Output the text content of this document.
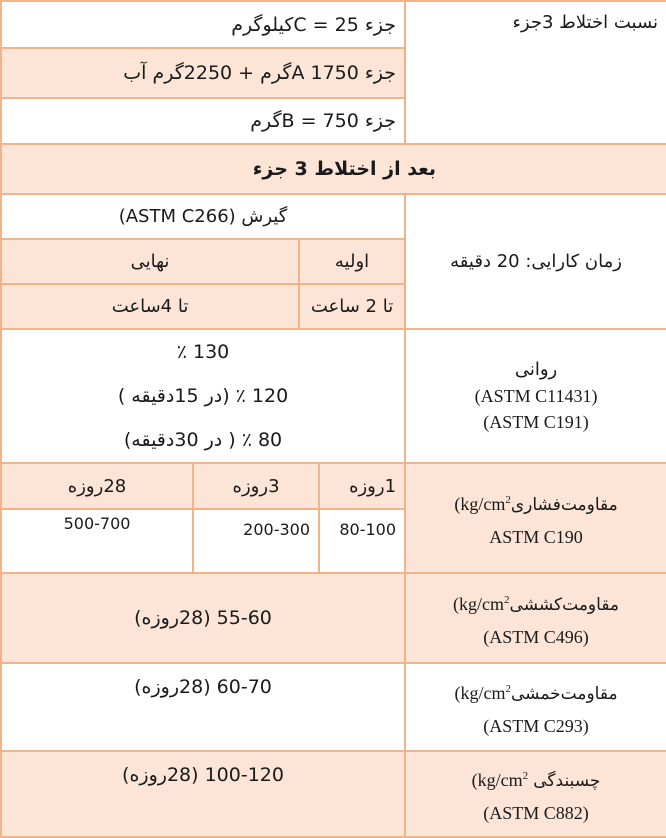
نسبت اختلاط 3جزء	جزء C = 25کیلوگرم			
	جزء A 1750گرم + 2250گرم آب			
	جزء B = 750گرم			
بعد از اختلاط 3 جزء				
زمان کارایی: 20 دقیقه	گیرش (ASTM C266)			
	اولیه		نهایی	
	تا 2 ساعت		تا 4ساعت	

روانی
(ASTM C11431)
(ASTM C191)	130 ٪
120 ٪ (در 15دقیقه )
80 ٪ ( در 30دقیقه)			

$مقاومت‌فشاری(kg/cm^2$
ASTM C190	1روزه	3روزه		28روزه
	80-100	200-300		500-700

$مقاومت‌کششی(kg/cm^2$
(ASTM C496)	55-60 (28روزه)			

$مقاومت‌خمشی(kg/cm^2$
(ASTM C293)	60-70 (28روزه)			

چسبندگی ($kg/cm^2$
(ASTM C882)	100-120 (28روزه)			
